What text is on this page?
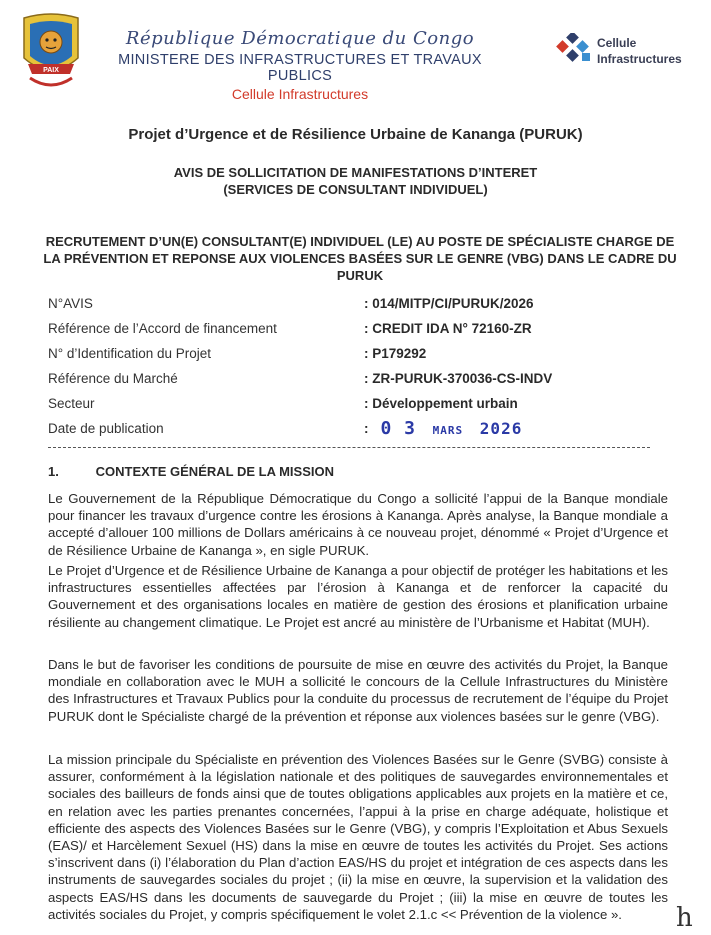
PAIX
République Démocratique du Congo
MINISTERE DES INFRASTRUCTURES ET TRAVAUX PUBLICS
Cellule Infrastructures
Cellule
Infrastructures
Projet d’Urgence et de Résilience Urbaine de Kananga (PURUK)
AVIS DE SOLLICITATION DE MANIFESTATIONS D’INTERET
(SERVICES DE CONSULTANT INDIVIDUEL)
RECRUTEMENT D’UN(E) CONSULTANT(E) INDIVIDUEL (LE) AU POSTE DE SPÉCIALISTE CHARGE DE LA PRÉVENTION ET REPONSE AUX VIOLENCES BASÉES SUR LE GENRE (VBG) DANS LE CADRE DU PURUK
N°AVIS	: 014/MITP/CI/PURUK/2026
Référence de l’Accord de financement	: CREDIT IDA N° 72160-ZR
N° d’Identification du Projet	: P179292
Référence du Marché	: ZR-PURUK-370036-CS-INDV
Secteur	: Développement urbain
Date de publication	: 0 3 MARS 2026
1.	CONTEXTE GÉNÉRAL DE LA MISSION
Le Gouvernement de la République Démocratique du Congo a sollicité l’appui de la Banque mondiale pour financer les travaux d’urgence contre les érosions à Kananga. Après analyse, la Banque mondiale a accepté d’allouer 100 millions de Dollars américains à ce nouveau projet, dénommé « Projet d’Urgence et de Résilience Urbaine de Kananga », en sigle PURUK.
Le Projet d’Urgence et de Résilience Urbaine de Kananga a pour objectif de protéger les habitations et les infrastructures essentielles affectées par l’érosion à Kananga et de renforcer la capacité du Gouvernement et des organisations locales en matière de gestion des érosions et planification urbaine résiliente au changement climatique. Le Projet est ancré au ministère de l’Urbanisme et Habitat (MUH).
Dans le but de favoriser les conditions de poursuite de mise en œuvre des activités du Projet, la Banque mondiale en collaboration avec le MUH a sollicité le concours de la Cellule Infrastructures du Ministère des Infrastructures et Travaux Publics pour la conduite du processus de recrutement de l’équipe du Projet PURUK dont le Spécialiste chargé de la prévention et réponse aux violences basées sur le genre (VBG).
La mission principale du Spécialiste en prévention des Violences Basées sur le Genre (SVBG) consiste à assurer, conformément à la législation nationale et des politiques de sauvegardes environnementales et sociales des bailleurs de fonds ainsi que de toutes obligations applicables aux projets en la matière et ce, en relation avec les parties prenantes concernées, l’appui à la prise en charge adéquate, holistique et efficiente des aspects des Violences Basées sur le Genre (VBG), y compris l’Exploitation et Abus Sexuels (EAS)/ et Harcèlement Sexuel (HS) dans la mise en œuvre de toutes les activités du Projet. Ses actions s’inscrivent dans (i) l’élaboration du Plan d’action EAS/HS du projet et intégration de ces aspects dans les instruments de sauvegardes sociales du projet ; (ii) la mise en œuvre, la supervision et la validation des aspects EAS/HS dans les documents de sauvegarde du Projet ; (iii) la mise en œuvre de toutes les activités sociales du Projet, y compris spécifiquement le volet 2.1.c << Prévention de la violence ».	h
